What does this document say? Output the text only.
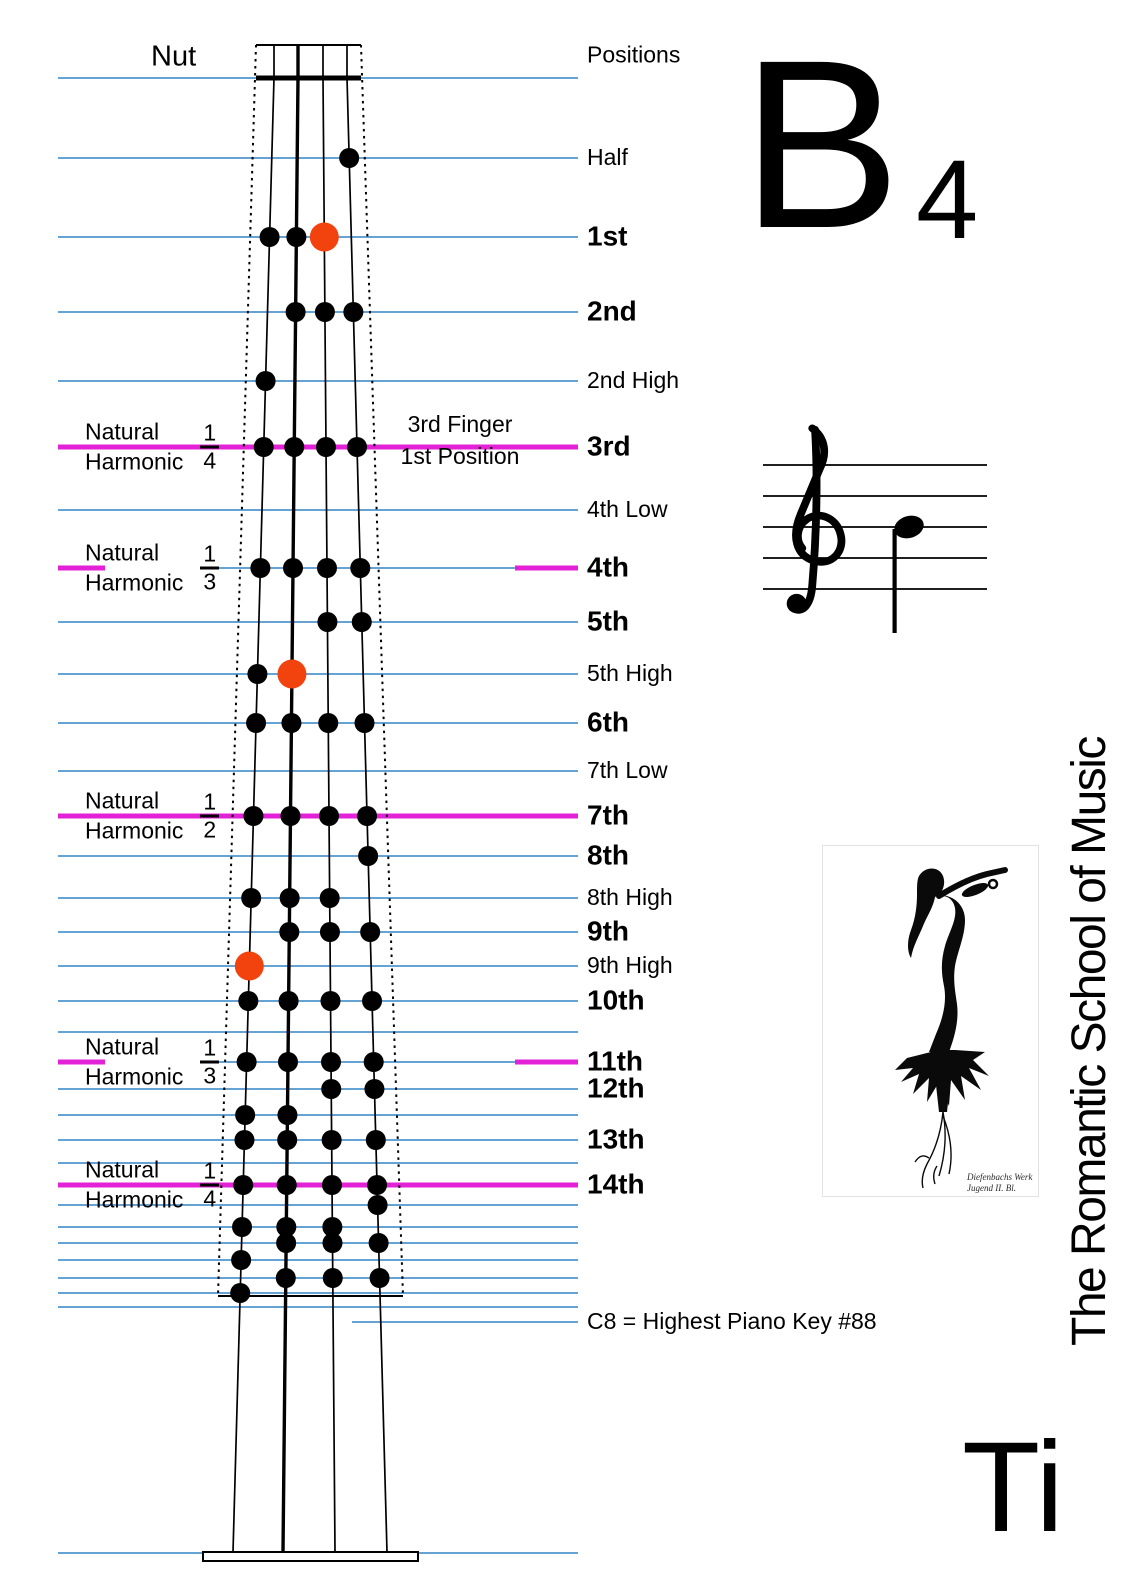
Nut	Positions
3rd Finger
1st Position
B 4
Ti
The Romantic School of Music
Diefenbachs Werk
Jugend II. Bl.
Half
1st
2nd
2nd High
3rd
Natural
Harmonic $\frac{1}{4}$
4th Low
4th
Natural
Harmonic $\frac{1}{3}$
5th
5th High
6th
7th Low
7th
Natural
Harmonic $\frac{1}{2}$
8th
8th High
9th
9th High
10th
11th
Natural
Harmonic $\frac{1}{3}$
12th
13th
14th
Natural
Harmonic $\frac{1}{4}$
C8 = Highest Piano Key #88
